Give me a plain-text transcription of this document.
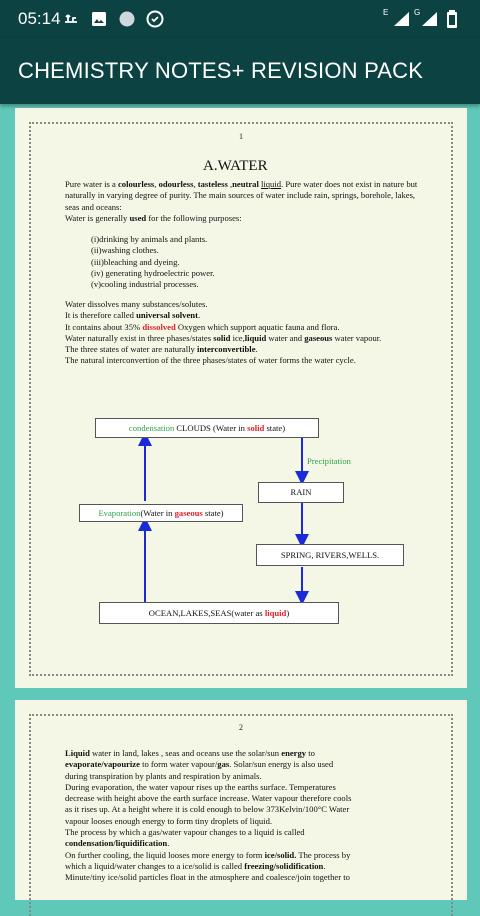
05:14	E	G
CHEMISTRY NOTES+ REVISION PACK
1
A.WATER
Pure water is a colourless, odourless, tasteless ,neutral liquid. Pure water does not exist in nature but naturally in varying degree of purity. The main sources of water include rain, springs, borehole, lakes, seas and oceans:
Water is generally used for the following purposes:
(i)drinking by animals and plants.
(ii)washing clothes.
(iii)bleaching and dyeing.
(iv) generating hydroelectric power.
(v)cooling industrial processes.
Water dissolves many substances/solutes.
It is therefore called universal solvent.
It contains about 35% dissolved Oxygen which support aquatic fauna and flora.
Water naturally exist in three phases/states solid ice,liquid water and gaseous water vapour.
The three states of water are naturally interconvertible.
The natural interconvertion of the three phases/states of water forms the water cycle.
condensation CLOUDS (Water in solid state)
Precipitation
RAIN
Evaporation(Water in gaseous state)
SPRING, RIVERS,WELLS.
OCEAN,LAKES,SEAS(water as liquid)
2
Liquid water in land, lakes , seas and oceans use the solar/sun energy to
evaporate/vapourize to form water vapour/gas. Solar/sun energy is also used
during transpiration by plants and respiration by animals.
During evaporation, the water vapour rises up the earths surface. Temperatures
decrease with height above the earth surface increase. Water vapour therefore cools
as it rises up. At a height where it is cold enough to below 373Kelvin/100°C Water
vapour looses enough energy to form tiny droplets of liquid.
The process by which a gas/water vapour changes to a liquid is called
condensation/liquidification.
On further cooling, the liquid looses more energy to form ice/solid. The process by
which a liquid/water changes to a ice/solid is called freezing/solidification.
Minute/tiny ice/solid particles float in the atmosphere and coalesce/join together to
